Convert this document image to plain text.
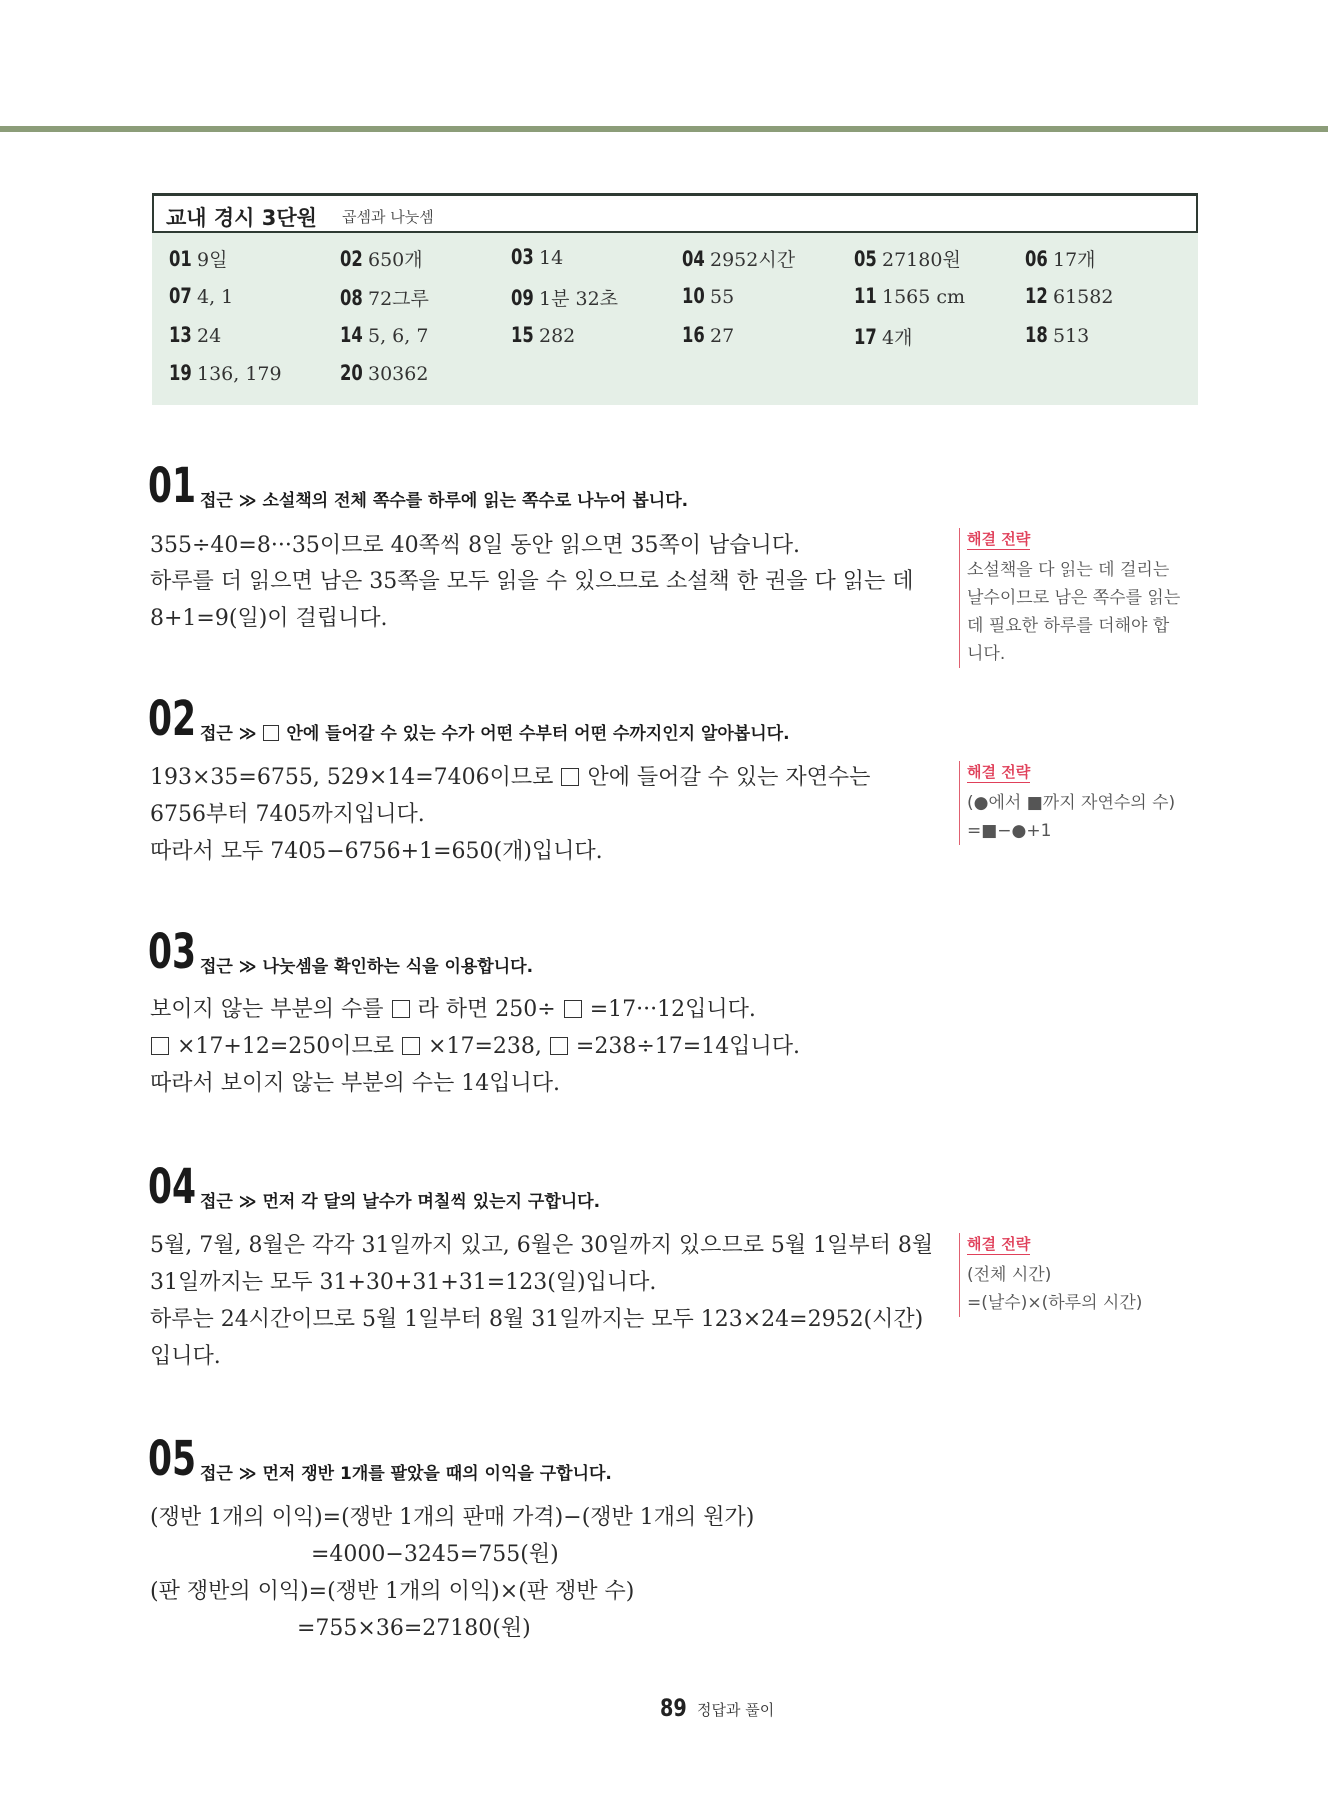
교내 경시 3단원 곱셈과 나눗셈
01 9일	02 650개	03 14	04 2952시간	05 27180원	06 17개
07 4, 1	08 72그루	09 1분 32초	10 55	11 1565 cm	12 61582
13 24	14 5, 6, 7	15 282	16 27	17 4개	18 513
19 136, 179	20 30362
01 접근 ≫ 소설책의 전체 쪽수를 하루에 읽는 쪽수로 나누어 봅니다.
355÷40=8···35이므로 40쪽씩 8일 동안 읽으면 35쪽이 남습니다.
하루를 더 읽으면 남은 35쪽을 모두 읽을 수 있으므로 소설책 한 권을 다 읽는 데
8+1=9(일)이 걸립니다.
해결 전략
소설책을 다 읽는 데 걸리는
날수이므로 남은 쪽수를 읽는
데 필요한 하루를 더해야 합
니다.
02 접근 ≫ 안에 들어갈 수 있는 수가 어떤 수부터 어떤 수까지인지 알아봅니다.
193×35=6755, 529×14=7406이므로 안에 들어갈 수 있는 자연수는
6756부터 7405까지입니다.
따라서 모두 7405−6756+1=650(개)입니다.
해결 전략
(●에서 ■까지 자연수의 수)
=■−●+1
03 접근 ≫ 나눗셈을 확인하는 식을 이용합니다.
보이지 않는 부분의 수를 라 하면 250÷ =17···12입니다.
×17+12=250이므로 ×17=238, =238÷17=14입니다.
따라서 보이지 않는 부분의 수는 14입니다.
04 접근 ≫ 먼저 각 달의 날수가 며칠씩 있는지 구합니다.
5월, 7월, 8월은 각각 31일까지 있고, 6월은 30일까지 있으므로 5월 1일부터 8월
31일까지는 모두 31+30+31+31=123(일)입니다.
하루는 24시간이므로 5월 1일부터 8월 31일까지는 모두 123×24=2952(시간)
입니다.
해결 전략
(전체 시간)
=(날수)×(하루의 시간)
05 접근 ≫ 먼저 쟁반 1개를 팔았을 때의 이익을 구합니다.
(쟁반 1개의 이익)=(쟁반 1개의 판매 가격)−(쟁반 1개의 원가)
=4000−3245=755(원)
(판 쟁반의 이익)=(쟁반 1개의 이익)×(판 쟁반 수)
=755×36=27180(원)
89 정답과 풀이
